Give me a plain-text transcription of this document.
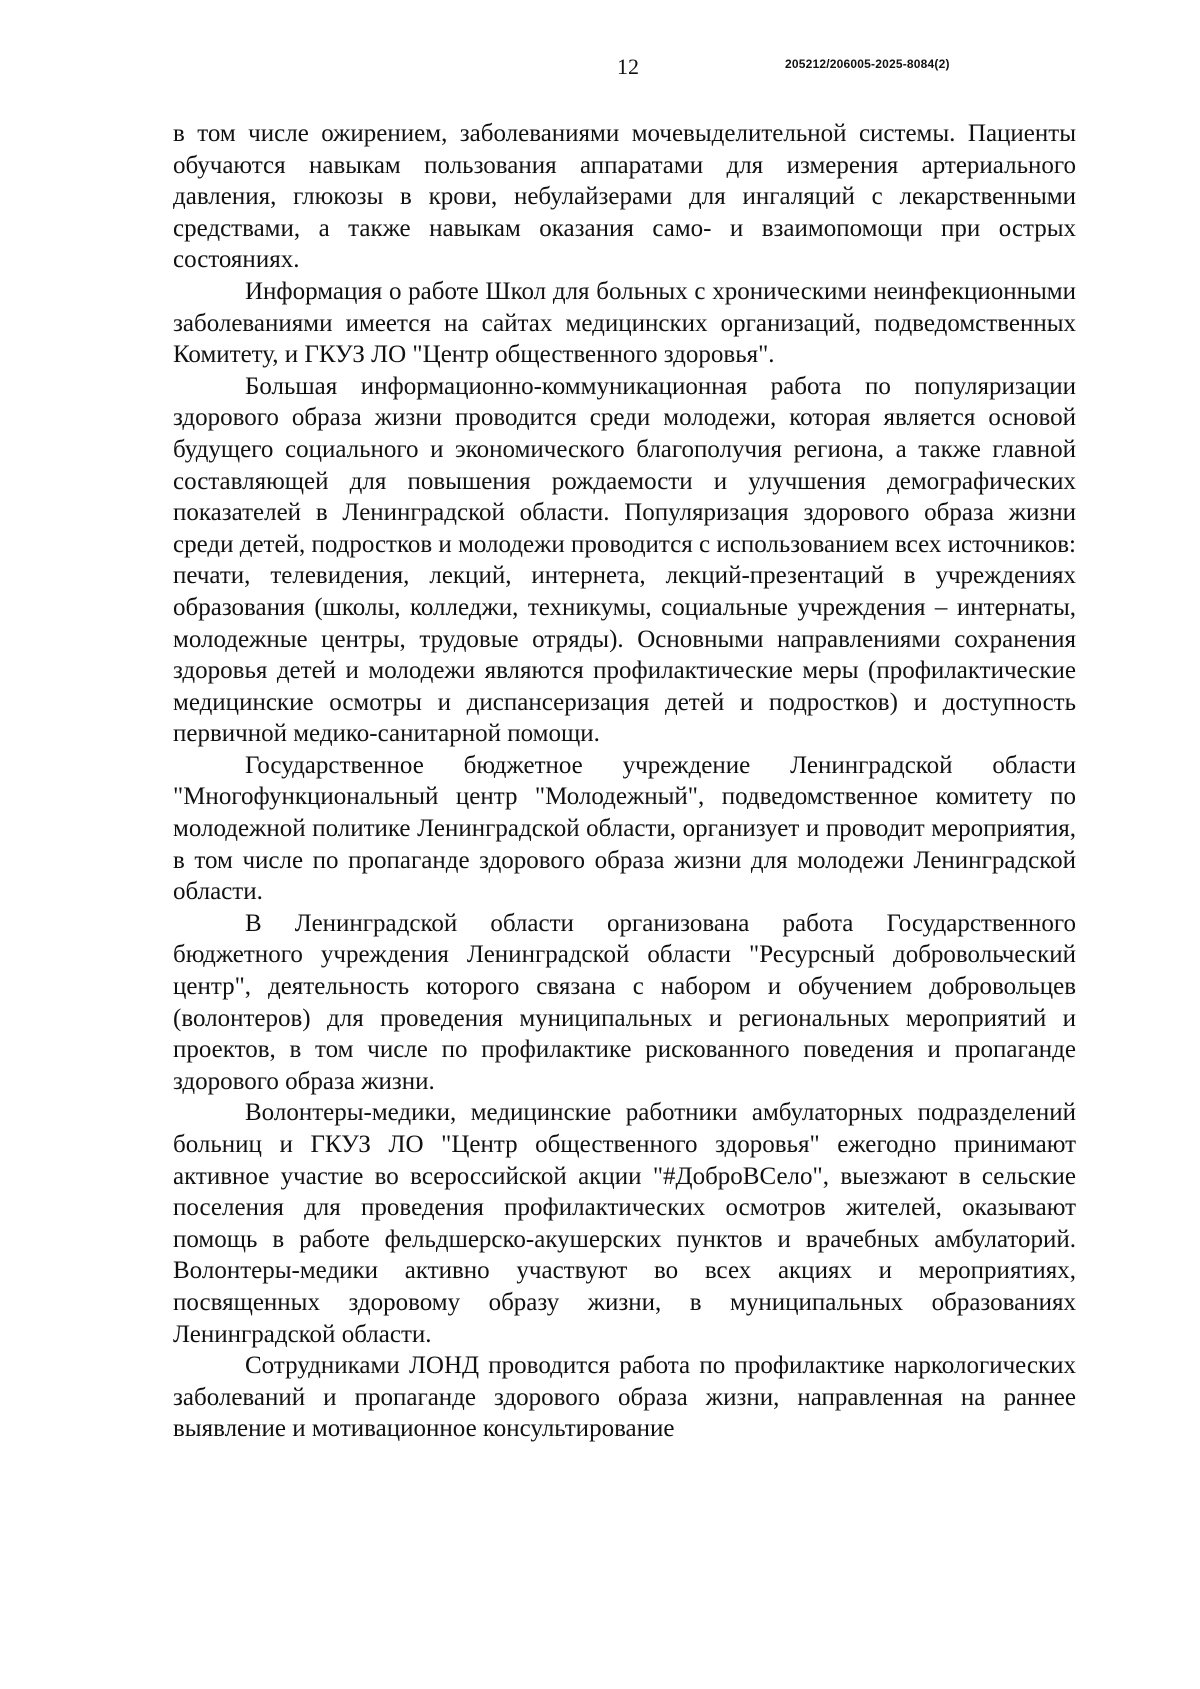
12	205212/206005-2025-8084(2)

в том числе ожирением, заболеваниями мочевыделительной системы. Пациенты обучаются навыкам пользования аппаратами для измерения артериального давления, глюкозы в крови, небулайзерами для ингаляций с лекарственными средствами, а также навыкам оказания само- и взаимопомощи при острых состояниях.

Информация о работе Школ для больных с хроническими неинфекционными заболеваниями имеется на сайтах медицинских организаций, подведомственных Комитету, и ГКУЗ ЛО "Центр общественного здоровья".

Большая информационно-коммуникационная работа по популяризации здорового образа жизни проводится среди молодежи, которая является основой будущего социального и экономического благополучия региона, а также главной составляющей для повышения рождаемости и улучшения демографических показателей в Ленинградской области. Популяризация здорового образа жизни среди детей, подростков и молодежи проводится с использованием всех источников: печати, телевидения, лекций, интернета, лекций-презентаций в учреждениях образования (школы, колледжи, техникумы, социальные учреждения – интернаты, молодежные центры, трудовые отряды). Основными направлениями сохранения здоровья детей и молодежи являются профилактические меры (профилактические медицинские осмотры и диспансеризация детей и подростков) и доступность первичной медико-санитарной помощи.

Государственное бюджетное учреждение Ленинградской области "Многофункциональный центр "Молодежный", подведомственное комитету по молодежной политике Ленинградской области, организует и проводит мероприятия, в том числе по пропаганде здорового образа жизни для молодежи Ленинградской области.

В Ленинградской области организована работа Государственного бюджетного учреждения Ленинградской области "Ресурсный добровольческий центр", деятельность которого связана с набором и обучением добровольцев (волонтеров) для проведения муниципальных и региональных мероприятий и проектов, в том числе по профилактике рискованного поведения и пропаганде здорового образа жизни.

Волонтеры-медики, медицинские работники амбулаторных подразделений больниц и ГКУЗ ЛО "Центр общественного здоровья" ежегодно принимают активное участие во всероссийской акции "#ДоброВСело", выезжают в сельские поселения для проведения профилактических осмотров жителей, оказывают помощь в работе фельдшерско-акушерских пунктов и врачебных амбулаторий. Волонтеры-медики активно участвуют во всех акциях и мероприятиях, посвященных здоровому образу жизни, в муниципальных образованиях Ленинградской области.

Сотрудниками ЛОНД проводится работа по профилактике наркологических заболеваний и пропаганде здорового образа жизни, направленная на раннее выявление и мотивационное консультирование
